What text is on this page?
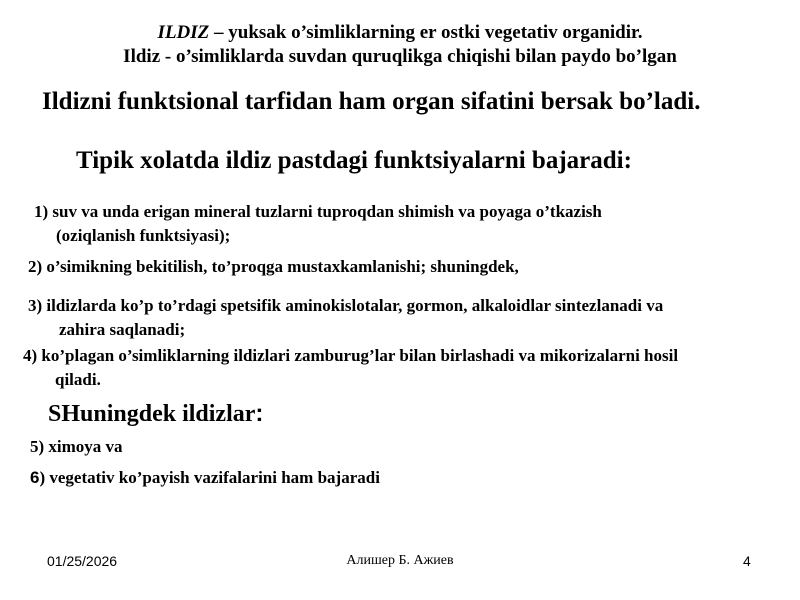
ILDIZ – yuksak o’simliklarning er ostki vegetativ organidir.
Ildiz - o’simliklarda suvdan quruqlikga chiqishi bilan paydo bo’lgan
Ildizni funktsional tarfidan ham organ sifatini bersak bo’ladi.
Tipik xolatda ildiz pastdagi funktsiyalarni bajaradi:
1) suv va unda erigan mineral tuzlarni tuproqdan shimish va poyaga o’tkazish
(oziqlanish funktsiyasi);
2) o’simikning bekitilish, to’proqga mustaxkamlanishi; shuningdek,
3) ildizlarda ko’p to’rdagi spetsifik aminokislotalar, gormon, alkaloidlar sintezlanadi va
zahira saqlanadi;
4) ko’plagan o’simliklarning ildizlari zamburug’lar bilan birlashadi va mikorizalarni hosil
qiladi.
SHuningdek ildizlar:
5) ximoya va
6) vegetativ ko’payish vazifalarini ham bajaradi
01/25/2026	Алишер Б. Ажиев	4
